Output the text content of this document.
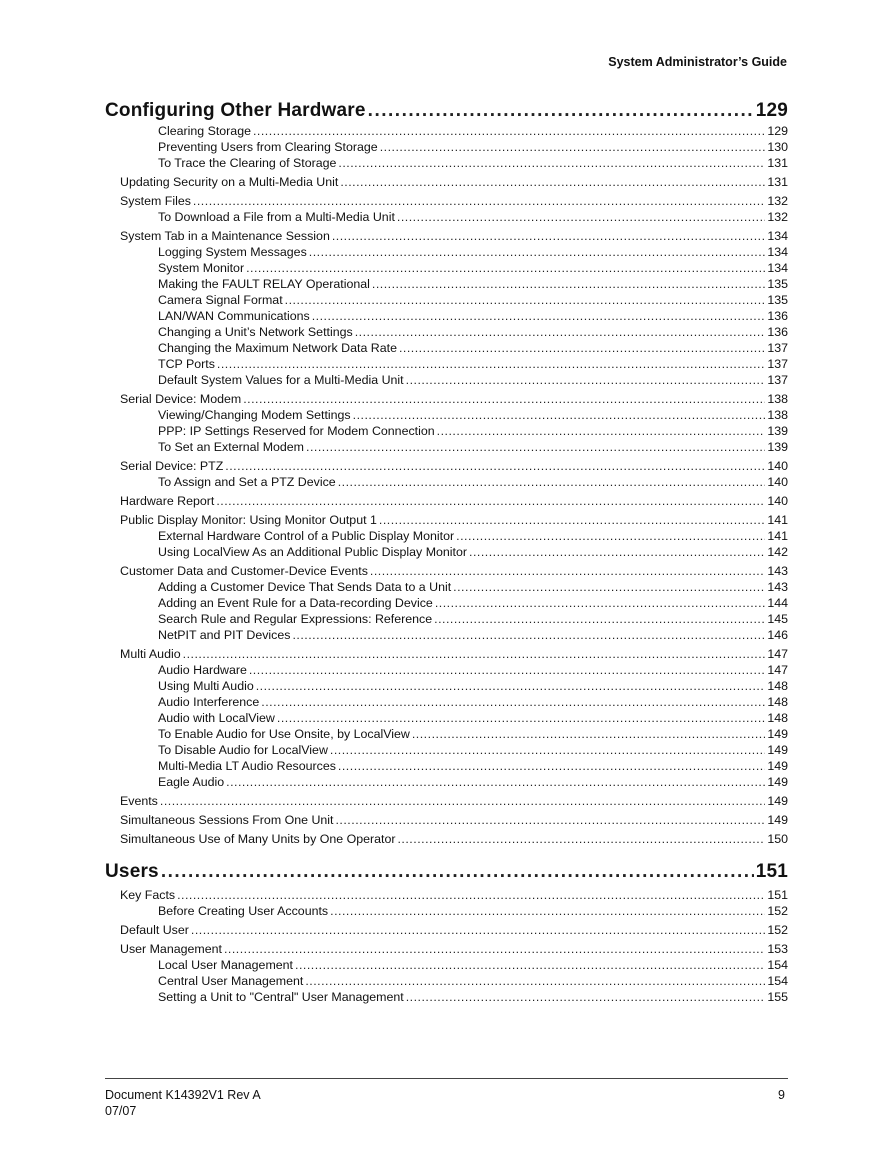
System Administrator’s Guide
Configuring Other Hardware .....	129
Clearing Storage .....	129
Preventing Users from Clearing Storage .....	130
To Trace the Clearing of Storage .....	131
Updating Security on a Multi-Media Unit .....	131
System Files .....	132
To Download a File from a Multi-Media Unit .....	132
System Tab in a Maintenance Session .....	134
Logging System Messages .....	134
System Monitor .....	134
Making the FAULT RELAY Operational .....	135
Camera Signal Format .....	135
LAN/WAN Communications .....	136
Changing a Unit’s Network Settings .....	136
Changing the Maximum Network Data Rate .....	137
TCP Ports .....	137
Default System Values for a Multi-Media Unit .....	137
Serial Device: Modem .....	138
Viewing/Changing Modem Settings .....	138
PPP: IP Settings Reserved for Modem Connection .....	139
To Set an External Modem .....	139
Serial Device: PTZ .....	140
To Assign and Set a PTZ Device .....	140
Hardware Report .....	140
Public Display Monitor: Using Monitor Output 1 .....	141
External Hardware Control of a Public Display Monitor .....	141
Using LocalView As an Additional Public Display Monitor .....	142
Customer Data and Customer-Device Events .....	143
Adding a Customer Device That Sends Data to a Unit .....	143
Adding an Event Rule for a Data-recording Device .....	144
Search Rule and Regular Expressions: Reference .....	145
NetPIT and PIT Devices .....	146
Multi Audio .....	147
Audio Hardware .....	147
Using Multi Audio .....	148
Audio Interference .....	148
Audio with LocalView .....	148
To Enable Audio for Use Onsite, by LocalView .....	149
To Disable Audio for LocalView .....	149
Multi-Media LT Audio Resources .....	149
Eagle Audio .....	149
Events .....	149
Simultaneous Sessions From One Unit .....	149
Simultaneous Use of Many Units by One Operator .....	150
Users .....	151
Key Facts .....	151
Before Creating User Accounts .....	152
Default User .....	152
User Management .....	153
Local User Management .....	154
Central User Management .....	154
Setting a Unit to "Central" User Management .....	155
Document K14392V1 Rev A
07/07
9
